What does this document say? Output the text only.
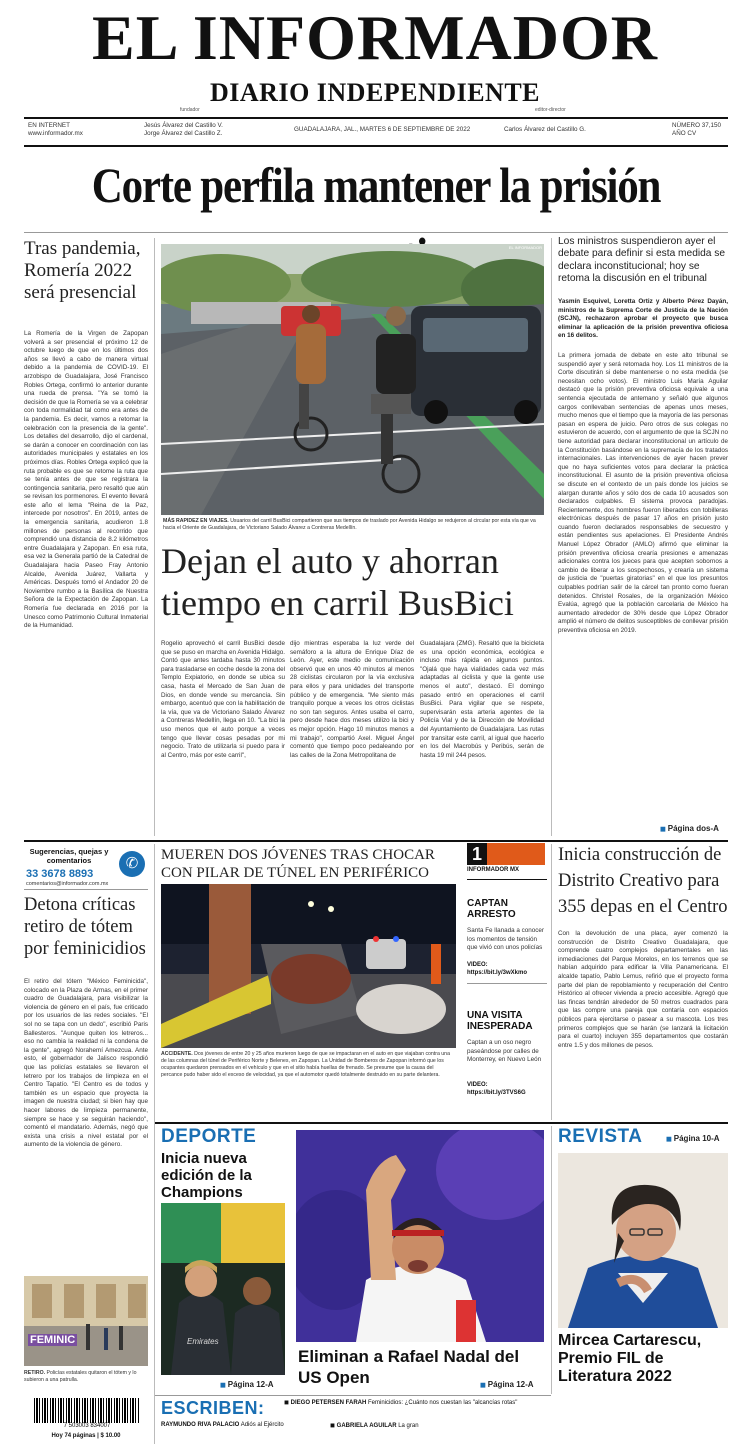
EL INFORMADOR
DIARIO INDEPENDIENTE
fundador	editor-director
EN INTERNET
www.informador.mx
Jesús Álvarez del Castillo V.
Jorge Álvarez del Castillo Z.
GUADALAJARA, JAL., MARTES 6 DE SEPTIEMBRE DE 2022	Carlos Álvarez del Castillo G.
NÚMERO 37,150
AÑO CV
Corte perfila mantener la prisión
Tras pandemia, Romería 2022 será presencial
La Romería de la Virgen de Zapopan volverá a ser presencial el próximo 12 de octubre luego de que en los últimos dos años se llevó a cabo de manera virtual debido a la pandemia de COVID-19. El arzobispo de Guadalajara, José Francisco Robles Ortega, confirmó lo anterior durante una rueda de prensa. "Ya se tomó la decisión de que la Romería se va a celebrar con toda normalidad tal como era antes de la pandemia. Es decir, vamos a retomar la celebración con la presencia de la gente". Los detalles del desarrollo, dijo el cardenal, se darán a conocer en coordinación con las autoridades municipales y estatales en los próximos días. Robles Ortega explicó que la ruta probable es que se retome la ruta que se tenía antes de que se registrara la contingencia sanitaria, pero resaltó que aún se revisan los pormenores. El evento llevará este año el lema "Reina de la Paz, intercede por nosotros". En 2019, antes de la emergencia sanitaria, acudieron 1.8 millones de personas al recorrido que comprendió una distancia de 8.2 kilómetros entre Guadalajara y Zapopan. En esa ruta, esa vez la Generala partió de la Catedral de Guadalajara hacia Paseo Fray Antonio Alcalde, Avenida Juárez, Vallarta y Américas. Después tomó el Andador 20 de Noviembre rumbo a la Basílica de Nuestra Señora de la Expectación de Zapopan. La Romería fue declarada en 2016 por la Unesco como Patrimonio Cultural Inmaterial de la Humanidad.
EL INFORMADOR
MÁS RAPIDEZ EN VIAJES. Usuarios del carril BusBici compartieron que sus tiempos de traslado por Avenida Hidalgo se redujeron al circular por esta vía que va hacia el Oriente de Guadalajara, de Victoriano Salado Álvarez a Contreras Medellín.
Dejan el auto y ahorran tiempo en carril BusBici
Rogelio aprovechó el carril BusBici desde que se puso en marcha en Avenida Hidalgo. Contó que antes tardaba hasta 30 minutos para trasladarse en coche desde la zona del Templo Expiatorio, en donde se ubica su casa, hasta el Mercado de San Juan de Dios, en donde vende su mercancía. Sin embargo, acentuó que con la habilitación de la vía, que va de Victoriano Salado Álvarez a Contreras Medellín, llega en 10. "La bici la uso menos que el auto porque a veces tengo que llevar cosas pesadas por mi negocio. Trato de utilizarla si puedo para ir al Centro, más por este carril",
dijo mientras esperaba la luz verde del semáforo a la altura de Enrique Díaz de León. Ayer, este medio de comunicación observó que en unos 40 minutos al menos 28 ciclistas circularon por la vía exclusiva para ellos y para unidades del transporte público y de emergencia. "Me siento más tranquilo porque a veces los otros ciclistas no son tan seguros. Antes usaba el carro, pero desde hace dos meses utilizo la bici y es mejor opción. Hago 10 minutos menos a mi trabajo", compartió Axel. Miguel Ángel comentó que tiempo poco pedaleando por las calles de la Zona Metropolitana de
Guadalajara (ZMG). Resaltó que la bicicleta es una opción económica, ecológica e incluso más rápida en algunos puntos. "Ojalá que haya vialidades cada vez más adaptadas al ciclista y que la gente use menos el auto", destacó. El domingo pasado entró en operaciones el carril BusBici. Para vigilar que se respete, supervisarán esta arteria agentes de la Policía Vial y de la Dirección de Movilidad del Ayuntamiento de Guadalajara. Las rutas por transitar este carril, al igual que hacerlo en los del Macrobús y Peribús, serán de hasta 19 mil 244 pesos.
Los ministros suspendieron ayer el debate para definir si esta medida se declara inconstitucional; hoy se retoma la discusión en el tribunal
Yasmín Esquivel, Loretta Ortiz y Alberto Pérez Dayán, ministros de la Suprema Corte de Justicia de la Nación (SCJN), rechazaron aprobar el proyecto que busca eliminar la aplicación de la prisión preventiva oficiosa en 16 delitos.
La primera jornada de debate en este alto tribunal se suspendió ayer y será retomada hoy. Los 11 ministros de la Corte discutirán si debe mantenerse o no esta medida (se necesitan ocho votos). El ministro Luis María Aguilar destacó que la prisión preventiva oficiosa equivale a una sentencia ejecutada de antemano y señaló que algunos cargos conllevaban sentencias de apenas unos meses, mucho menos que el tiempo que la mayoría de las personas pasan en espera de juicio. Pero otros de sus colegas no estuvieron de acuerdo, con el argumento de que la SCJN no tiene autoridad para declarar inconstitucional un artículo de la Constitución basándose en la supremacía de los tratados internacionales. Las intervenciones de ayer hacen prever que no haya suficientes votos para declarar la práctica inconstitucional. El asunto de la prisión preventiva oficiosa se discute en el contexto de un país donde los juicios se alargan durante años y sólo dos de cada 10 acusados son declarados culpables. El sistema provoca paradojas. Recientemente, dos hombres fueron liberados con tobilleras electrónicas después de pasar 17 años en prisión justo cuando fueron declarados responsables de secuestro y están pendientes sus apelaciones. El Presidente Andrés Manuel López Obrador (AMLO) afirmó que eliminar la prisión preventiva oficiosa crearía presiones e amenazas adicionales contra los jueces para que acepten sobornos a cambio de liberar a los sospechosos, y crearía un sistema de justicia de "puertas giratorias" en el que los presuntos culpables podrían salir de la cárcel tan pronto como fueran detenidos. Christel Rosales, de la organización México Evalúa, agregó que la población carcelaria de México ha aumentado alrededor de 30% desde que López Obrador amplió el número de delitos susceptibles de conllevar prisión preventiva oficiosa en 2019.
◼ Página dos-A
Sugerencias, quejas y comentarios
33 3678 8893
comentarios@informador.com.mx
✆
Detona críticas retiro de tótem por feminicidios
El retiro del tótem "México Feminicida", colocado en la Plaza de Armas, en el primer cuadro de Guadalajara, para visibilizar la violencia de género en el país, fue criticado por los usuarios de las redes sociales. "El sol no se tapa con un dedo", escribió Paris Ballesteros. "Aunque quiten los letreros... eso no cambia la realidad ni la condena de la gente", agregó Norahemí Amezcua. Ante esto, el gobernador de Jalisco respondió que las policías estatales se llevaron el letrero por los trabajos de limpieza en el Centro Tapatío. "El Centro es de todos y también es un espacio que proyecta la imagen de nuestra ciudad; si bien hay que hacer labores de limpieza permanente, siempre se hace y se seguirán haciendo", comentó el mandatario. Además, negó que exista una crisis a nivel estatal por el aumento de la violencia de género.
FEMINIC
RETIRO. Policías estatales quitaron el tótem y lo subieron a una patrulla.
7 503003 834007
Hoy 74 páginas | $ 10.00
MUEREN DOS JÓVENES TRAS CHOCAR CON PILAR DE TÚNEL EN PERIFÉRICO
ACCIDENTE. Dos jóvenes de entre 20 y 25 años murieron luego de que se impactaran en el auto en que viajaban contra una de las columnas del túnel de Periférico Norte y Belenes, en Zapopan. La Unidad de Bomberos de Zapopan informó que los ocupantes quedaron prensados en el vehículo y que en el sitio había huellas de frenado. Se presume que la causa del percance pudo haber sido el exceso de velocidad, ya que el automotor quedó totalmente destruido en su parte delantera.
1
INFORMADOR MX
CAPTAN ARRESTO
Santa Fe llanada a conocer los momentos de tensión que vivió con unos policías
VIDEO:
https://bit.ly/3wXkmo
UNA VISITA INESPERADA
Captan a un oso negro paseándose por calles de Monterrey, en Nuevo León
VIDEO:
https://bit.ly/3TVS6G
Inicia construcción de Distrito Creativo para 355 depas en el Centro
Con la devolución de una placa, ayer comenzó la construcción de Distrito Creativo Guadalajara, que comprende cuatro complejos departamentales en las inmediaciones del Parque Morelos, en los terrenos que se habían adquirido para edificar la Villa Panamericana. El alcalde tapatío, Pablo Lemus, refirió que el proyecto forma parte del plan de repoblamiento y recuperación del Centro Histórico al ofrecer vivienda a precio accesible. Agregó que las fincas tendrán alrededor de 50 metros cuadrados para que las compre una pareja que contaría con espacios públicos para ejercitarse o pasear a su mascota. Los tres primeros complejos que se harán (se lanzará la licitación para el cuarto) incluyen 355 departamentos que costarán entre 1.5 y dos millones de pesos.
DEPORTE
Inicia nueva edición de la Champions
Emirates
◼ Página 12-A
Eliminan a Rafael Nadal del US Open	◼ Página 12-A
REVISTA	◼ Página 10-A
Mircea Cartarescu, Premio FIL de Literatura 2022
ESCRIBEN:	◼ DIEGO PETERSEN FARAH Feminicidios: ¿Cuánto nos cuestan las "alcancías rotas"
RAYMUNDO RIVA PALACIO Adiós al Ejército	◼ GABRIELA AGUILAR La gran
